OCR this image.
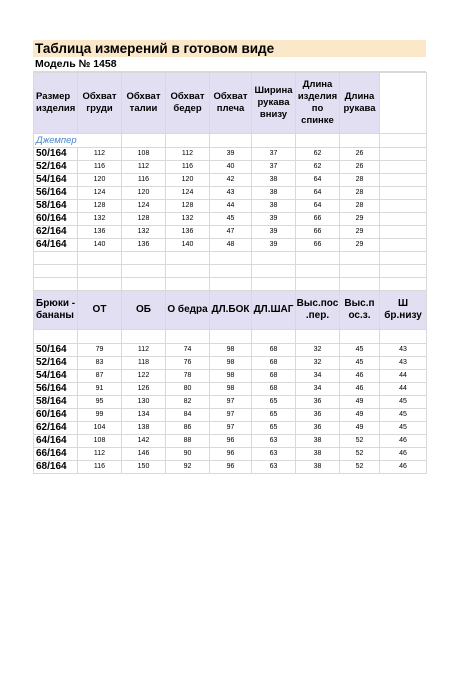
Таблица измерений в готовом виде
Модель № 1458
Размер изделия	Обхват груди	Обхват талии	Обхват бедер	Обхват плеча	Ширина рукава внизу	Длина изделия по спинке	Длина рукава	
Джемпер								
50/164	112	108	112	39	37	62	26	
52/164	116	112	116	40	37	62	26	
54/164	120	116	120	42	38	64	28	
56/164	124	120	124	43	38	64	28	
58/164	128	124	128	44	38	64	28	
60/164	132	128	132	45	39	66	29	
62/164	136	132	136	47	39	66	29	
64/164	140	136	140	48	39	66	29	

Брюки - бананы	ОТ	ОБ	О бедра	ДЛ.БОК	ДЛ.ШАГ	Выс.пос .пер.	Выс.п ос.з.	Ш бр.низу

50/164	79	112	74	98	68	32	45	43
52/164	83	118	76	98	68	32	45	43
54/164	87	122	78	98	68	34	46	44
56/164	91	126	80	98	68	34	46	44
58/164	95	130	82	97	65	36	49	45
60/164	99	134	84	97	65	36	49	45
62/164	104	138	86	97	65	36	49	45
64/164	108	142	88	96	63	38	52	46
66/164	112	146	90	96	63	38	52	46
68/164	116	150	92	96	63	38	52	46
